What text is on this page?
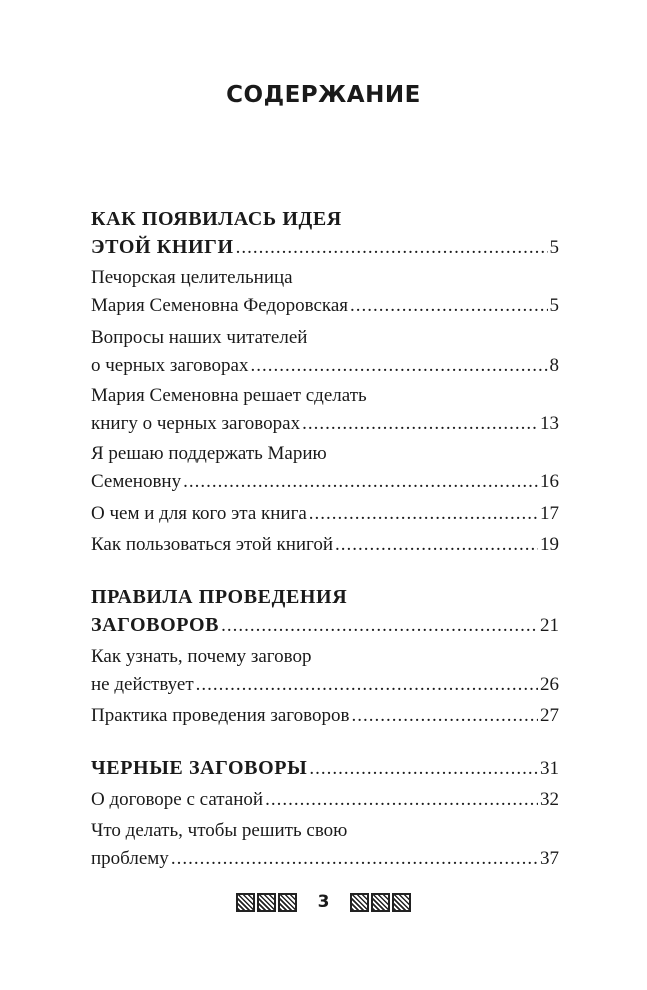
СОДЕРЖАНИЕ
КАК ПОЯВИЛАСЬ ИДЕЯ
ЭТОЙ КНИГИ .....	5
Печорская целительница
Мария Семеновна Федоровская .....	5
Вопросы наших читателей
о черных заговорах .....	8
Мария Семеновна решает сделать
книгу о черных заговорах .....	13
Я решаю поддержать Марию
Семеновну .....	16
О чем и для кого эта книга .....	17
Как пользоваться этой книгой .....	19
ПРАВИЛА ПРОВЕДЕНИЯ
ЗАГОВОРОВ .....	21
Как узнать, почему заговор
не действует .....	26
Практика проведения заговоров .....	27
ЧЕРНЫЕ ЗАГОВОРЫ .....	31
О договоре с сатаной .....	32
Что делать, чтобы решить свою
проблему .....	37
3
